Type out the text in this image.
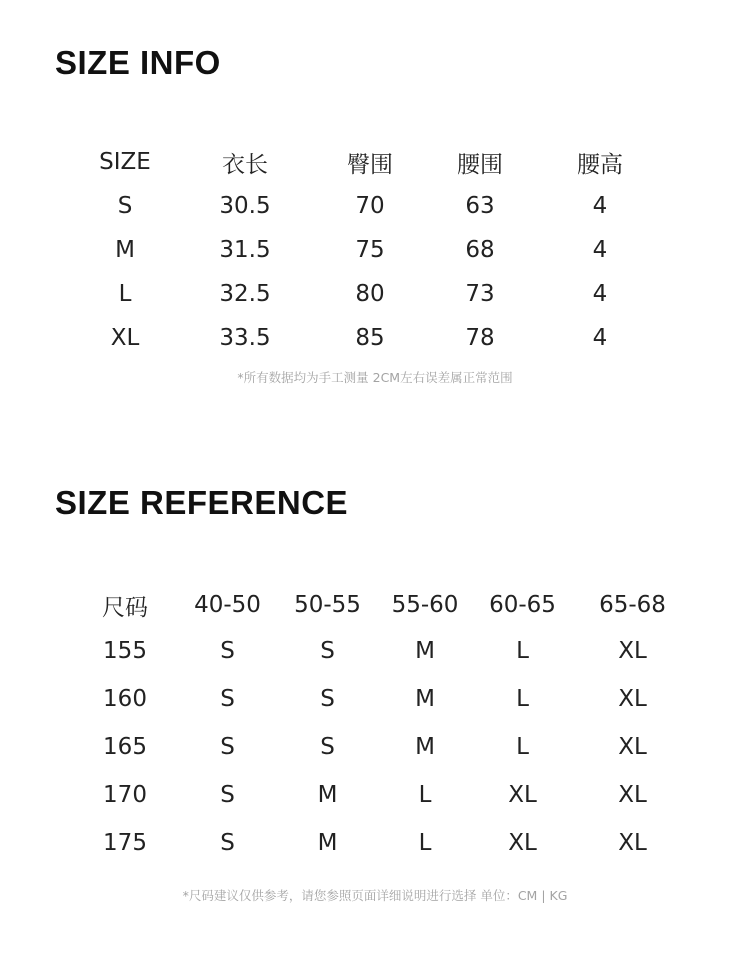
SIZE INFO
SIZE	衣长	臀围	腰围	腰高
S	30.5	70	63	4
M	31.5	75	68	4
L	32.5	80	73	4
XL	33.5	85	78	4

*所有数据均为手工测量 2CM左右误差属正常范围

SIZE REFERENCE
尺码	40-50	50-55	55-60	60-65	65-68
155	S	S	M	L	XL
160	S	S	M	L	XL
165	S	S	M	L	XL
170	S	M	L	XL	XL
175	S	M	L	XL	XL

*尺码建议仅供参考，请您参照页面详细说明进行选择 单位：CM | KG
